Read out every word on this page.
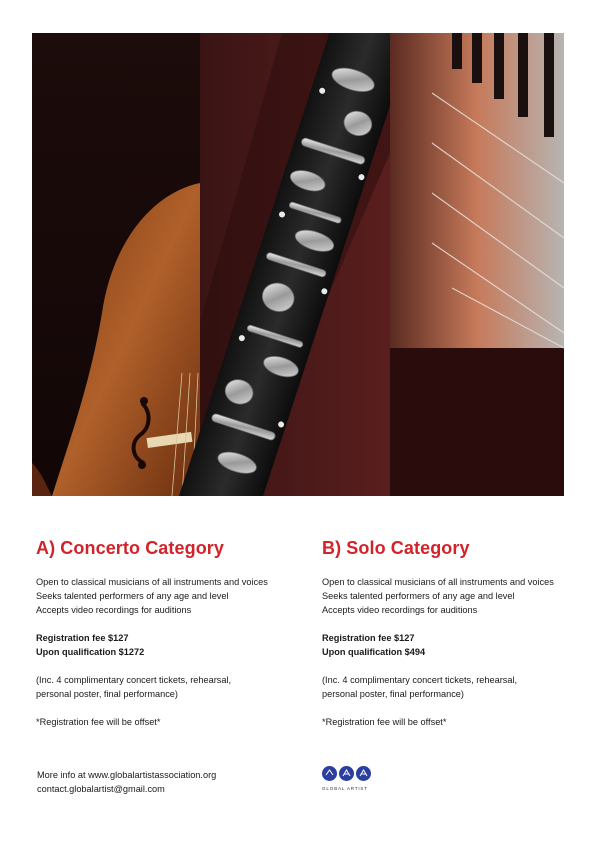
A) Concerto Category
Open to classical musicians of all instruments and voices
Seeks talented performers of any age and level
Accepts video recordings for auditions
Registration fee $127
Upon qualification $1272
(Inc. 4 complimentary concert tickets, rehearsal,
personal poster, final performance)
*Registration fee will be offset*
B) Solo Category
Open to classical musicians of all instruments and voices
Seeks talented performers of any age and level
Accepts video recordings for auditions
Registration fee $127
Upon qualification $494
(Inc. 4 complimentary concert tickets, rehearsal,
personal poster, final performance)
*Registration fee will be offset*
More info at www.globalartistassociation.org
contact.globalartist@gmail.com	GLOBAL ARTIST
